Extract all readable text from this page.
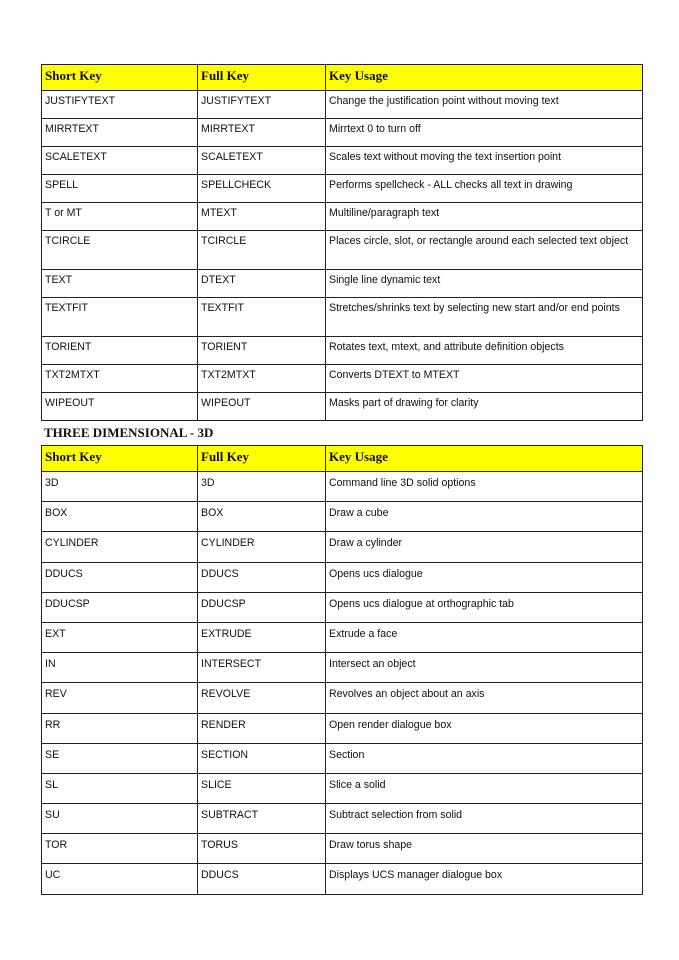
Short Key	Full Key	Key Usage
JUSTIFYTEXT	JUSTIFYTEXT	Change the justification point without moving text
MIRRTEXT	MIRRTEXT	Mirrtext 0 to turn off
SCALETEXT	SCALETEXT	Scales text without moving the text insertion point
SPELL	SPELLCHECK	Performs spellcheck - ALL checks all text in drawing
T or MT	MTEXT	Multiline/paragraph text
TCIRCLE	TCIRCLE	Places circle, slot, or rectangle around each selected text object
TEXT	DTEXT	Single line dynamic text
TEXTFIT	TEXTFIT	Stretches/shrinks text by selecting new start and/or end points
TORIENT	TORIENT	Rotates text, mtext, and attribute definition objects
TXT2MTXT	TXT2MTXT	Converts DTEXT to MTEXT
WIPEOUT	WIPEOUT	Masks part of drawing for clarity
THREE DIMENSIONAL - 3D
Short Key	Full Key	Key Usage
3D	3D	Command line 3D solid options
BOX	BOX	Draw a cube
CYLINDER	CYLINDER	Draw a cylinder
DDUCS	DDUCS	Opens ucs dialogue
DDUCSP	DDUCSP	Opens ucs dialogue at orthographic tab
EXT	EXTRUDE	Extrude a face
IN	INTERSECT	Intersect an object
REV	REVOLVE	Revolves an object about an axis
RR	RENDER	Open render dialogue box
SE	SECTION	Section
SL	SLICE	Slice a solid
SU	SUBTRACT	Subtract selection from solid
TOR	TORUS	Draw torus shape
UC	DDUCS	Displays UCS manager dialogue box
